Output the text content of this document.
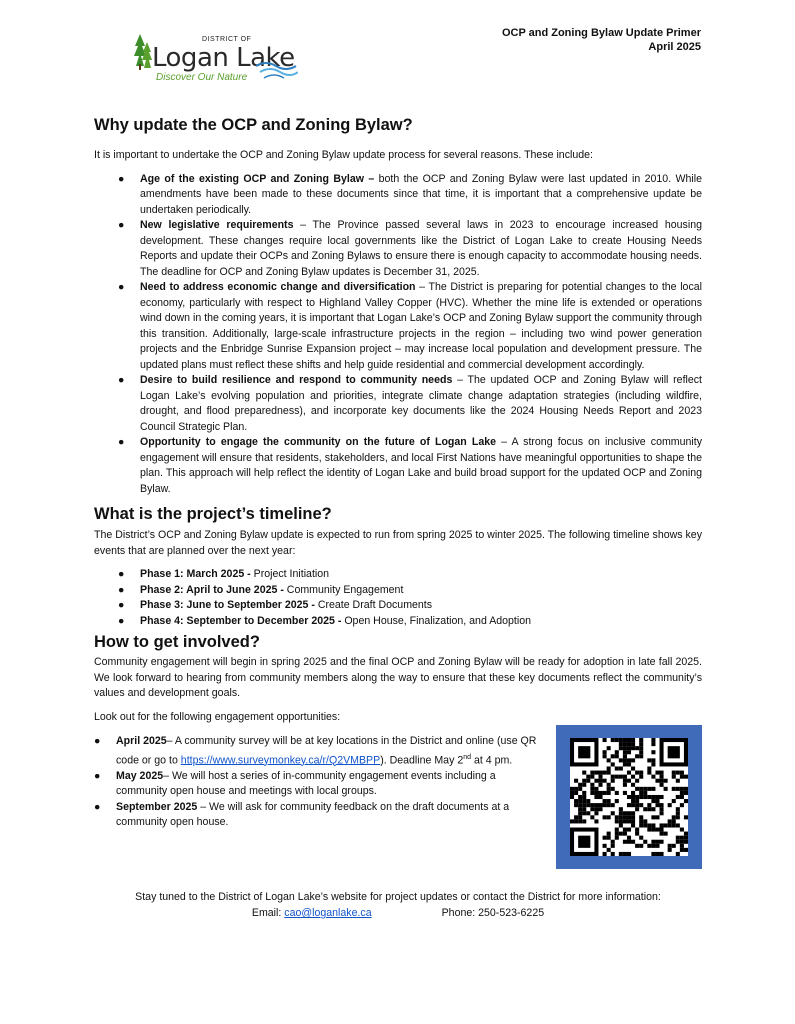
DISTRICT OF
Logan Lake
Discover Our Nature
OCP and Zoning Bylaw Update Primer
April 2025
Why update the OCP and Zoning Bylaw?

It is important to undertake the OCP and Zoning Bylaw update process for several reasons. These include:

● Age of the existing OCP and Zoning Bylaw – both the OCP and Zoning Bylaw were last updated in 2010. While amendments have been made to these documents since that time, it is important that a comprehensive update be undertaken periodically.
● New legislative requirements – The Province passed several laws in 2023 to encourage increased housing development. These changes require local governments like the District of Logan Lake to create Housing Needs Reports and update their OCPs and Zoning Bylaws to ensure there is enough capacity to accommodate housing needs. The deadline for OCP and Zoning Bylaw updates is December 31, 2025.
● Need to address economic change and diversification – The District is preparing for potential changes to the local economy, particularly with respect to Highland Valley Copper (HVC). Whether the mine life is extended or operations wind down in the coming years, it is important that Logan Lake’s OCP and Zoning Bylaw support the community through this transition. Additionally, large-scale infrastructure projects in the region – including two wind power generation projects and the Enbridge Sunrise Expansion project – may increase local population and development pressure. The updated plans must reflect these shifts and help guide residential and commercial development accordingly.
● Desire to build resilience and respond to community needs – The updated OCP and Zoning Bylaw will reflect Logan Lake’s evolving population and priorities, integrate climate change adaptation strategies (including wildfire, drought, and flood preparedness), and incorporate key documents like the 2024 Housing Needs Report and 2023 Council Strategic Plan.
● Opportunity to engage the community on the future of Logan Lake – A strong focus on inclusive community engagement will ensure that residents, stakeholders, and local First Nations have meaningful opportunities to shape the plan. This approach will help reflect the identity of Logan Lake and build broad support for the updated OCP and Zoning Bylaw.
What is the project’s timeline?

The District’s OCP and Zoning Bylaw update is expected to run from spring 2025 to winter 2025. The following timeline shows key events that are planned over the next year:

● Phase 1: March 2025 - Project Initiation
● Phase 2: April to June 2025 - Community Engagement
● Phase 3: June to September 2025 - Create Draft Documents
● Phase 4: September to December 2025 - Open House, Finalization, and Adoption
How to get involved?

Community engagement will begin in spring 2025 and the final OCP and Zoning Bylaw will be ready for adoption in late fall 2025. We look forward to hearing from community members along the way to ensure that these key documents reflect the community’s values and development goals.

Look out for the following engagement opportunities:

● April 2025– A community survey will be at key locations in the District and online (use QR code or go to https://www.surveymonkey.ca/r/Q2VMBPP). Deadline May 2nd at 4 pm.
● May 2025– We will host a series of in-community engagement events including a community open house and meetings with local groups.
● September 2025 – We will ask for community feedback on the draft documents at a community open house.
Stay tuned to the District of Logan Lake’s website for project updates or contact the District for more information:
Email: cao@loganlake.ca	Phone: 250-523-6225
